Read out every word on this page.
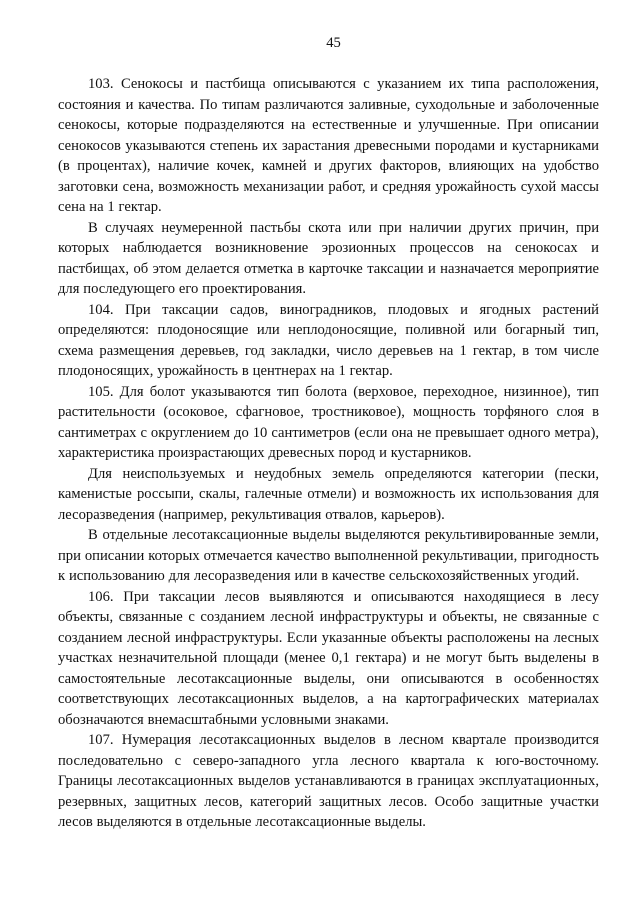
45

103. Сенокосы и пастбища описываются с указанием их типа расположения, состояния и качества. По типам различаются заливные, суходольные и заболоченные сенокосы, которые подразделяются на естественные и улучшенные. При описании сенокосов указываются степень их зарастания древесными породами и кустарниками (в процентах), наличие кочек, камней и других факторов, влияющих на удобство заготовки сена, возможность механизации работ, и средняя урожайность сухой массы сена на 1 гектар.

В случаях неумеренной пастьбы скота или при наличии других причин, при которых наблюдается возникновение эрозионных процессов на сенокосах и пастбищах, об этом делается отметка в карточке таксации и назначается мероприятие для последующего его проектирования.

104. При таксации садов, виноградников, плодовых и ягодных растений определяются: плодоносящие или неплодоносящие, поливной или богарный тип, схема размещения деревьев, год закладки, число деревьев на 1 гектар, в том числе плодоносящих, урожайность в центнерах на 1 гектар.

105. Для болот указываются тип болота (верховое, переходное, низинное), тип растительности (осоковое, сфагновое, тростниковое), мощность торфяного слоя в сантиметрах с округлением до 10 сантиметров (если она не превышает одного метра), характеристика произрастающих древесных пород и кустарников.

Для неиспользуемых и неудобных земель определяются категории (пески, каменистые россыпи, скалы, галечные отмели) и возможность их использования для лесоразведения (например, рекультивация отвалов, карьеров).

В отдельные лесотаксационные выделы выделяются рекультивированные земли, при описании которых отмечается качество выполненной рекультивации, пригодность к использованию для лесоразведения или в качестве сельскохозяйственных угодий.

106. При таксации лесов выявляются и описываются находящиеся в лесу объекты, связанные с созданием лесной инфраструктуры и объекты, не связанные с созданием лесной инфраструктуры. Если указанные объекты расположены на лесных участках незначительной площади (менее 0,1 гектара) и не могут быть выделены в самостоятельные лесотаксационные выделы, они описываются в особенностях соответствующих лесотаксационных выделов, а на картографических материалах обозначаются внемасштабными условными знаками.

107. Нумерация лесотаксационных выделов в лесном квартале производится последовательно с северо-западного угла лесного квартала к юго-восточному. Границы лесотаксационных выделов устанавливаются в границах эксплуатационных, резервных, защитных лесов, категорий защитных лесов. Особо защитные участки лесов выделяются в отдельные лесотаксационные выделы.
